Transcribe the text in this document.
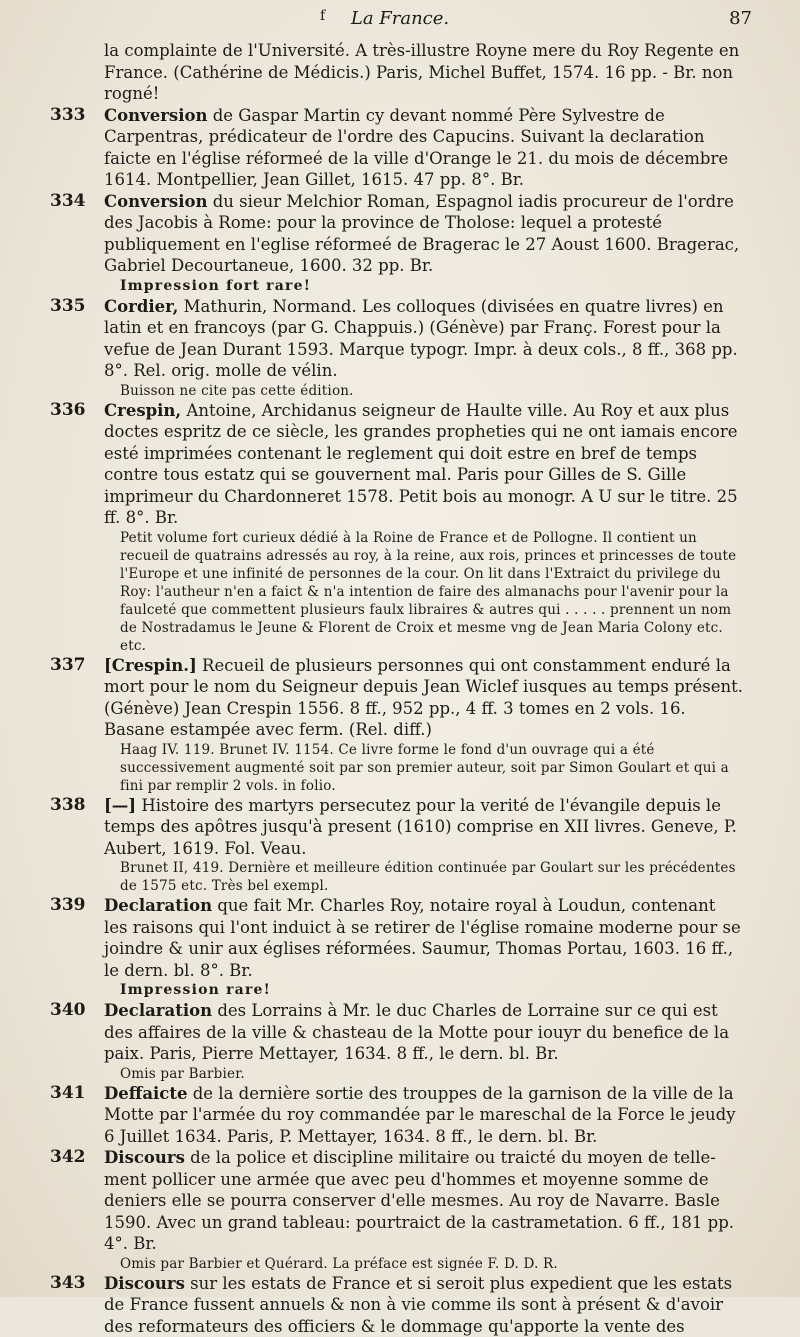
f	La France.	87
la complainte de l'Université. A très-illustre Royne mere du Roy Regente en France. (Cathérine de Médicis.) Paris, Michel Buffet, 1574. 16 pp. - Br. non rogné!
333 Conversion de Gaspar Martin cy devant nommé Père Sylvestre de Carpentras, prédicateur de l'ordre des Capucins. Suivant la declaration faicte en l'église réformeé de la ville d'Orange le 21. du mois de décembre 1614. Montpellier, Jean Gillet, 1615. 47 pp. 8°. Br.
334 Conversion du sieur Melchior Roman, Espagnol iadis procureur de l'ordre des Jacobis à Rome: pour la province de Tholose: lequel a protesté publiquement en l'eglise réformeé de Bragerac le 27 Aoust 1600. Bragerac, Gabriel Decourtaneue, 1600. 32 pp. Br.
Impression fort rare!
335 Cordier, Mathurin, Normand. Les colloques (divisées en quatre livres) en latin et en francoys (par G. Chappuis.) (Génève) par Franç. Forest pour la vefue de Jean Durant 1593. Marque typogr. Impr. à deux cols., 8 ff., 368 pp. 8°. Rel. orig. molle de vélin.
Buisson ne cite pas cette édition.
336 Crespin, Antoine, Archidanus seigneur de Haulte ville. Au Roy et aux plus doctes espritz de ce siècle, les grandes propheties qui ne ont iamais encore esté imprimées contenant le reglement qui doit estre en bref de temps contre tous estatz qui se gouvernent mal. Paris pour Gilles de S. Gille imprimeur du Chardonneret 1578. Petit bois au monogr. A U sur le titre. 25 ff. 8°. Br.
Petit volume fort curieux dédié à la Roine de France et de Pollogne. Il contient un recueil de quatrains adressés au roy, à la reine, aux rois, princes et princesses de toute l'Europe et une infinité de personnes de la cour. On lit dans l'Extraict du privilege du Roy: l'autheur n'en a faict & n'a intention de faire des almanachs pour l'avenir pour la faulceté que commettent plusieurs faulx libraires & autres qui . . . . . prennent un nom de Nostradamus le Jeune & Florent de Croix et mesme vng de Jean Maria Colony etc. etc.
337 [Crespin.] Recueil de plusieurs personnes qui ont constamment enduré la mort pour le nom du Seigneur depuis Jean Wiclef iusques au temps présent. (Génève) Jean Crespin 1556. 8 ff., 952 pp., 4 ff. 3 tomes en 2 vols. 16. Basane estampée avec ferm. (Rel. diff.)
Haag IV. 119. Brunet IV. 1154. Ce livre forme le fond d'un ouvrage qui a été successivement augmenté soit par son premier auteur, soit par Simon Goulart et qui a fini par remplir 2 vols. in folio.
338 [—] Histoire des martyrs persecutez pour la verité de l'évangile depuis le temps des apôtres jusqu'à present (1610) comprise en XII livres. Geneve, P. Aubert, 1619. Fol. Veau.
Brunet II, 419. Dernière et meilleure édition continuée par Goulart sur les précédentes de 1575 etc. Très bel exempl.
339 Declaration que fait Mr. Charles Roy, notaire royal à Loudun, contenant les raisons qui l'ont induict à se retirer de l'église romaine moderne pour se joindre & unir aux églises réformées. Saumur, Thomas Portau, 1603. 16 ff., le dern. bl. 8°. Br.
Impression rare!
340 Declaration des Lorrains à Mr. le duc Charles de Lorraine sur ce qui est des affaires de la ville & chasteau de la Motte pour iouyr du benefice de la paix. Paris, Pierre Mettayer, 1634. 8 ff., le dern. bl. Br.
Omis par Barbier.
341 Deffaicte de la dernière sortie des trouppes de la garnison de la ville de la Motte par l'armée du roy commandée par le mareschal de la Force le jeudy 6 Juillet 1634. Paris, P. Mettayer, 1634. 8 ff., le dern. bl. Br.
342 Discours de la police et discipline militaire ou traicté du moyen de telle-ment pollicer une armée que avec peu d'hommes et moyenne somme de deniers elle se pourra conserver d'elle mesmes. Au roy de Navarre. Basle 1590. Avec un grand tableau: pourtraict de la castrametation. 6 ff., 181 pp. 4°. Br.
Omis par Barbier et Quérard. La préface est signée F. D. D. R.
343 Discours sur les estats de France et si seroit plus expedient que les estats de France fussent annuels & non à vie comme ils sont à présent & d'avoir des reformateurs des officiers & le dommage qu'apporte la vente des
